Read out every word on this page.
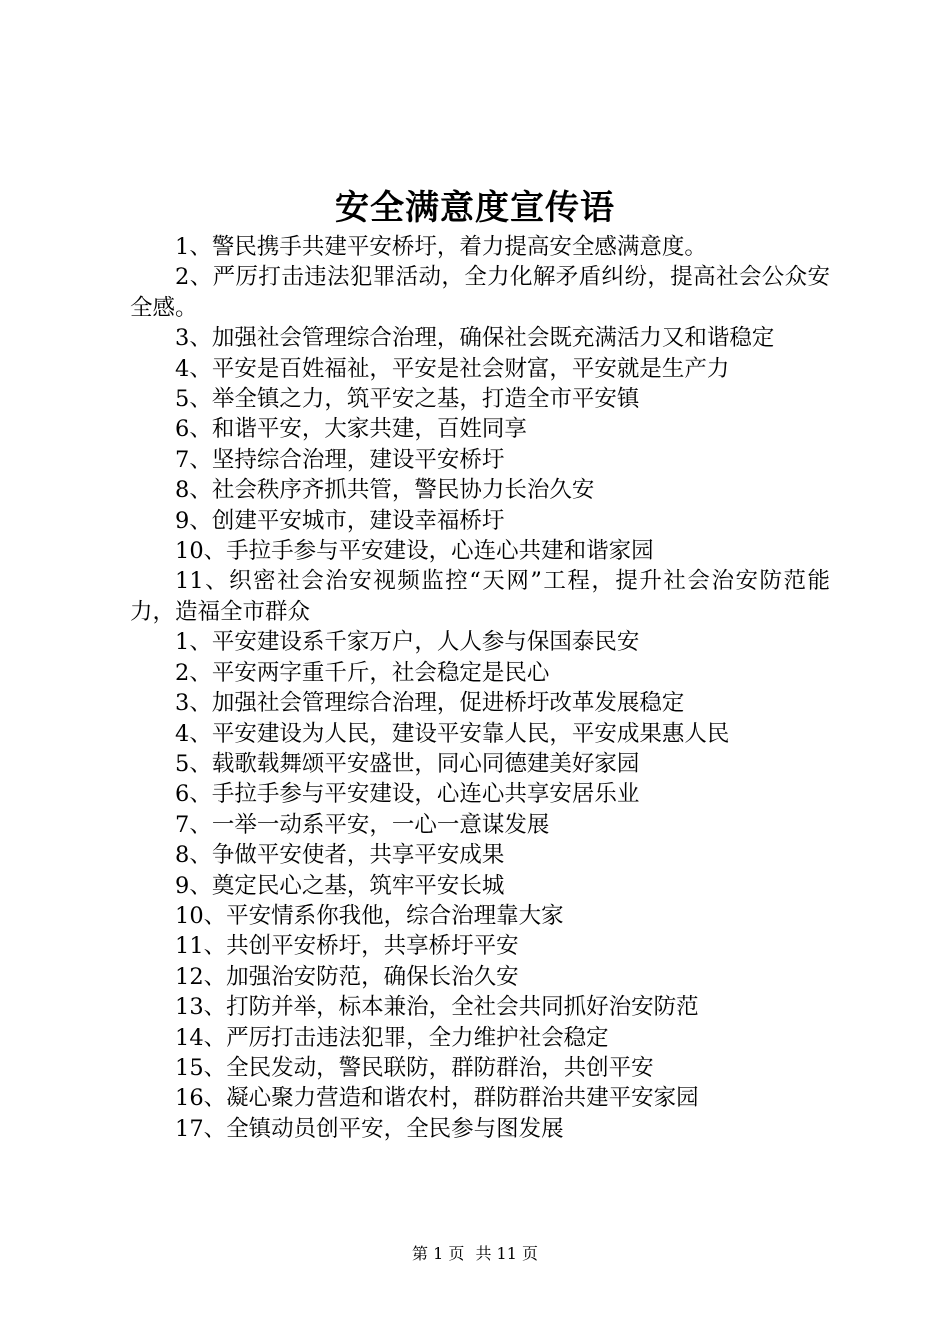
安全满意度宣传语

1、警民携手共建平安桥圩，着力提高安全感满意度。

2、严厉打击违法犯罪活动，全力化解矛盾纠纷，提高社会公众安全感。

3、加强社会管理综合治理，确保社会既充满活力又和谐稳定

4、平安是百姓福祉，平安是社会财富，平安就是生产力

5、举全镇之力，筑平安之基，打造全市平安镇

6、和谐平安，大家共建，百姓同享

7、坚持综合治理，建设平安桥圩

8、社会秩序齐抓共管，警民协力长治久安

9、创建平安城市，建设幸福桥圩

10、手拉手参与平安建设，心连心共建和谐家园

11、织密社会治安视频监控“天网”工程，提升社会治安防范能力，造福全市群众

1、平安建设系千家万户，人人参与保国泰民安

2、平安两字重千斤，社会稳定是民心

3、加强社会管理综合治理，促进桥圩改革发展稳定

4、平安建设为人民，建设平安靠人民，平安成果惠人民

5、载歌载舞颂平安盛世，同心同德建美好家园

6、手拉手参与平安建设，心连心共享安居乐业

7、一举一动系平安，一心一意谋发展

8、争做平安使者，共享平安成果

9、奠定民心之基，筑牢平安长城

10、平安情系你我他，综合治理靠大家

11、共创平安桥圩，共享桥圩平安

12、加强治安防范，确保长治久安

13、打防并举，标本兼治，全社会共同抓好治安防范

14、严厉打击违法犯罪，全力维护社会稳定

15、全民发动，警民联防，群防群治，共创平安

16、凝心聚力营造和谐农村，群防群治共建平安家园

17、全镇动员创平安，全民参与图发展

第 1 页 共 11 页
